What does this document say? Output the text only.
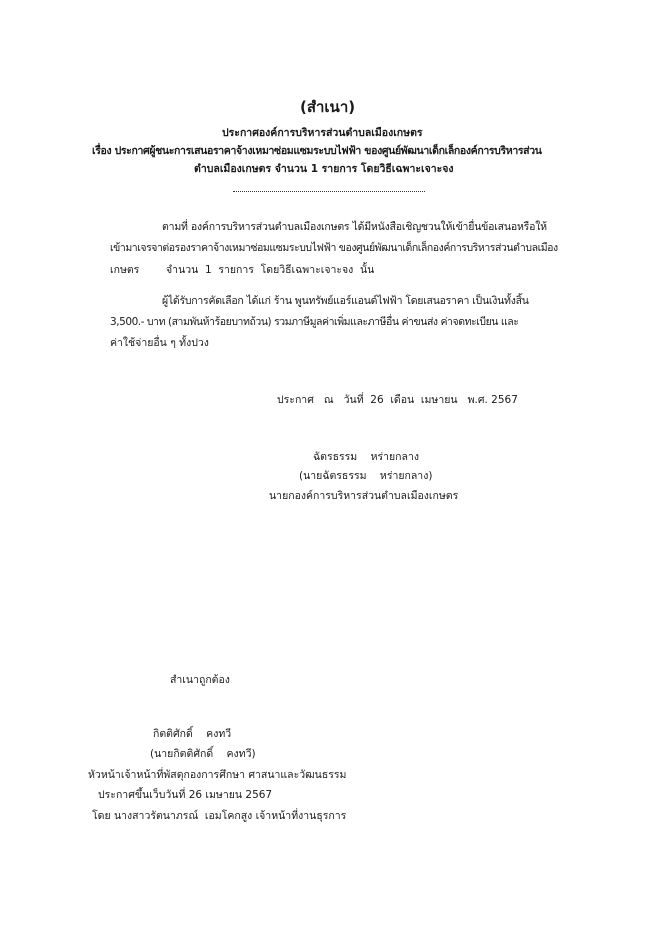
(สำเนา)
ประกาศองค์การบริหารส่วนตำบลเมืองเกษตร
เรื่อง ประกาศผู้ชนะการเสนอราคาจ้างเหมาซ่อมแซมระบบไฟฟ้า ของศูนย์พัฒนาเด็กเล็กองค์การบริหารส่วน
ตำบลเมืองเกษตร จำนวน 1 รายการ โดยวิธีเฉพาะเจาะจง
ตามที่ องค์การบริหารส่วนตำบลเมืองเกษตร ได้มีหนังสือเชิญชวนให้เข้ายื่นข้อเสนอหรือให้
เข้ามาเจรจาต่อรองราคาจ้างเหมาซ่อมแซมระบบไฟฟ้า ของศูนย์พัฒนาเด็กเล็กองค์การบริหารส่วนตำบลเมือง
เกษตร        จำนวน  1  รายการ  โดยวิธีเฉพาะเจาะจง  นั้น
ผู้ได้รับการคัดเลือก ได้แก่ ร้าน พูนทรัพย์แอร์แอนด์ไฟฟ้า โดยเสนอราคา เป็นเงินทั้งสิ้น
3,500.- บาท (สามพันห้าร้อยบาทถ้วน) รวมภาษีมูลค่าเพิ่มและภาษีอื่น ค่าขนส่ง ค่าจดทะเบียน และ
ค่าใช้จ่ายอื่น ๆ ทั้งปวง
ประกาศ   ณ   วันที่  26  เดือน  เมษายน   พ.ศ. 2567
ฉัตรธรรม    หร่ายกลาง
(นายฉัตรธรรม    หร่ายกลาง)
นายกองค์การบริหารส่วนตำบลเมืองเกษตร
สำเนาถูกต้อง
กิตติศักดิ์    คงทวี
(นายกิตติศักดิ์    คงทวี)
หัวหน้าเจ้าหน้าที่พัสดุกองการศึกษา ศาสนาและวัฒนธรรม
ประกาศขึ้นเว็บวันที่ 26 เมษายน 2567
โดย นางสาวรัตนาภรณ์  เอมโคกสูง เจ้าหน้าที่งานธุรการ
